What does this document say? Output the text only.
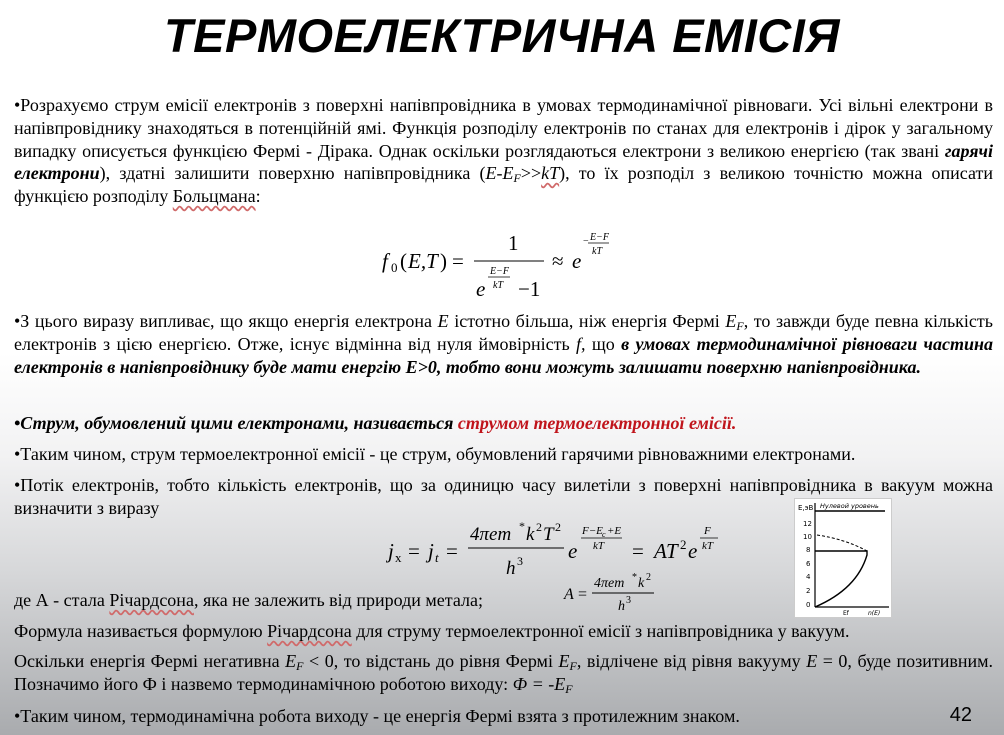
ТЕРМОЕЛЕКТРИЧНА ЕМІСІЯ

•Розрахуємо струм емісії електронів з поверхні напівпровідника в умовах термодинамічної рівноваги. Усі вільні електрони в напівпровіднику знаходяться в потенційній ямі. Функція розподілу електронів по станах для електронів і дірок у загальному випадку описується функцією Фермі - Дірака. Однак оскільки розглядаються електрони з великою енергією (так звані гарячі електрони), здатні залишити поверхню напівпровідника $(E-E_F>>kT)$, то їх розподіл з великою точністю можна описати функцією розподілу Больцмана:

f 0 ( E,T ) =
1
e
E−F
kT −1
≈ e
− E−F
kT

•З цього виразу випливає, що якщо енергія електрона E істотно більша, ніж енергія Фермі $E_F$, то завжди буде певна кількість електронів з цією енергією. Отже, існує відмінна від нуля ймовірність f, що в умовах термодинамічної рівноваги частина електронів в напівпровіднику буде мати енергію Е>0, тобто вони можуть залишати поверхню напівпровідника.

•Струм, обумовлений цими електронами, називається струмом термоелектронної емісії.

•Таким чином, струм термоелектронної емісії - це струм, обумовлений гарячими рівноважними електронами.

•Потік електронів, тобто кількість електронів, що за одиницю часу вилетіли з поверхні напівпровідника в вакуум можна визначити з виразу

j x = j t =
4πem * k 2 T 2
h 3 e
F−E c +E
kT = AT 2 e
F
kT
E,эВ Нулевой уровень
12
10
8
6
4
2
0
Ef	n(E)

де А - стала Річардсона, яка не залежить від природи метала;	A =
4πem * k 2
h 3

Формула називається формулою Річардсона для струму термоелектронної емісії з напівпровідника у вакуум.

Оскільки енергія Фермі негативна $E_F < 0$, то відстань до рівня Фермі $E_F$, відлічене від рівня вакууму E = 0, буде позитивним. Позначимо його Ф і назвемо термодинамічною роботою виходу: $Ф = -E_F$

•Таким чином, термодинамічна робота виходу - це енергія Фермі взята з протилежним знаком.	42
